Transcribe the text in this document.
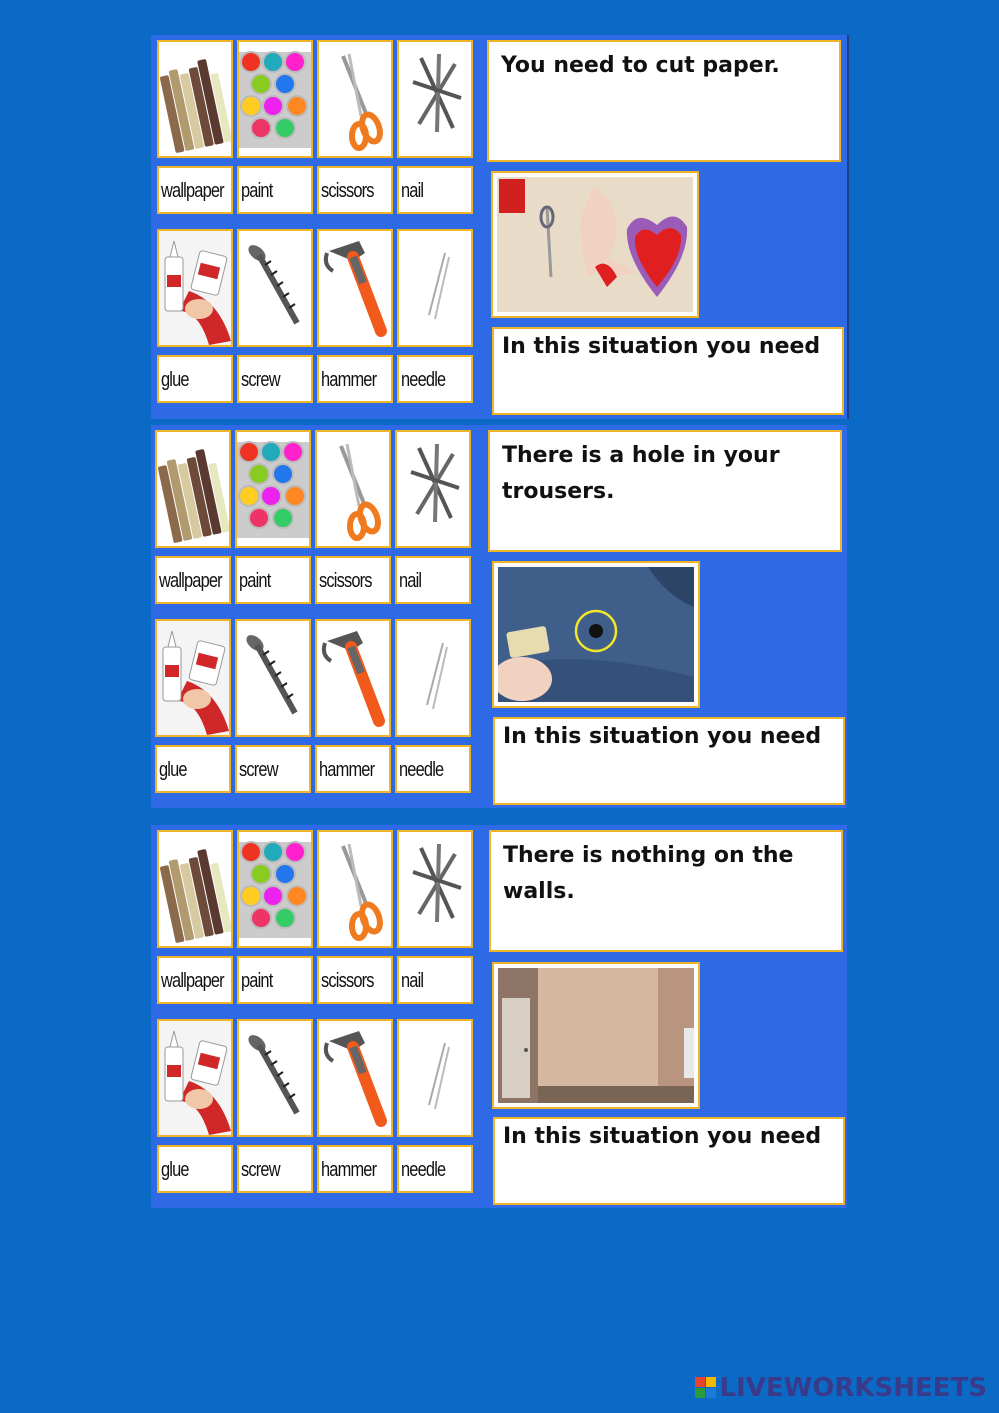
wallpaper paint scissors nail
glue	screw hammer needle
You need to cut paper.
In this situation you need
wallpaper paint scissors nail
glue	screw hammer needle
There is a hole in your trousers.
In this situation you need
wallpaper paint scissors nail
glue	screw hammer needle
There is nothing on the walls.
In this situation you need
LIVEWORKSHEETS
